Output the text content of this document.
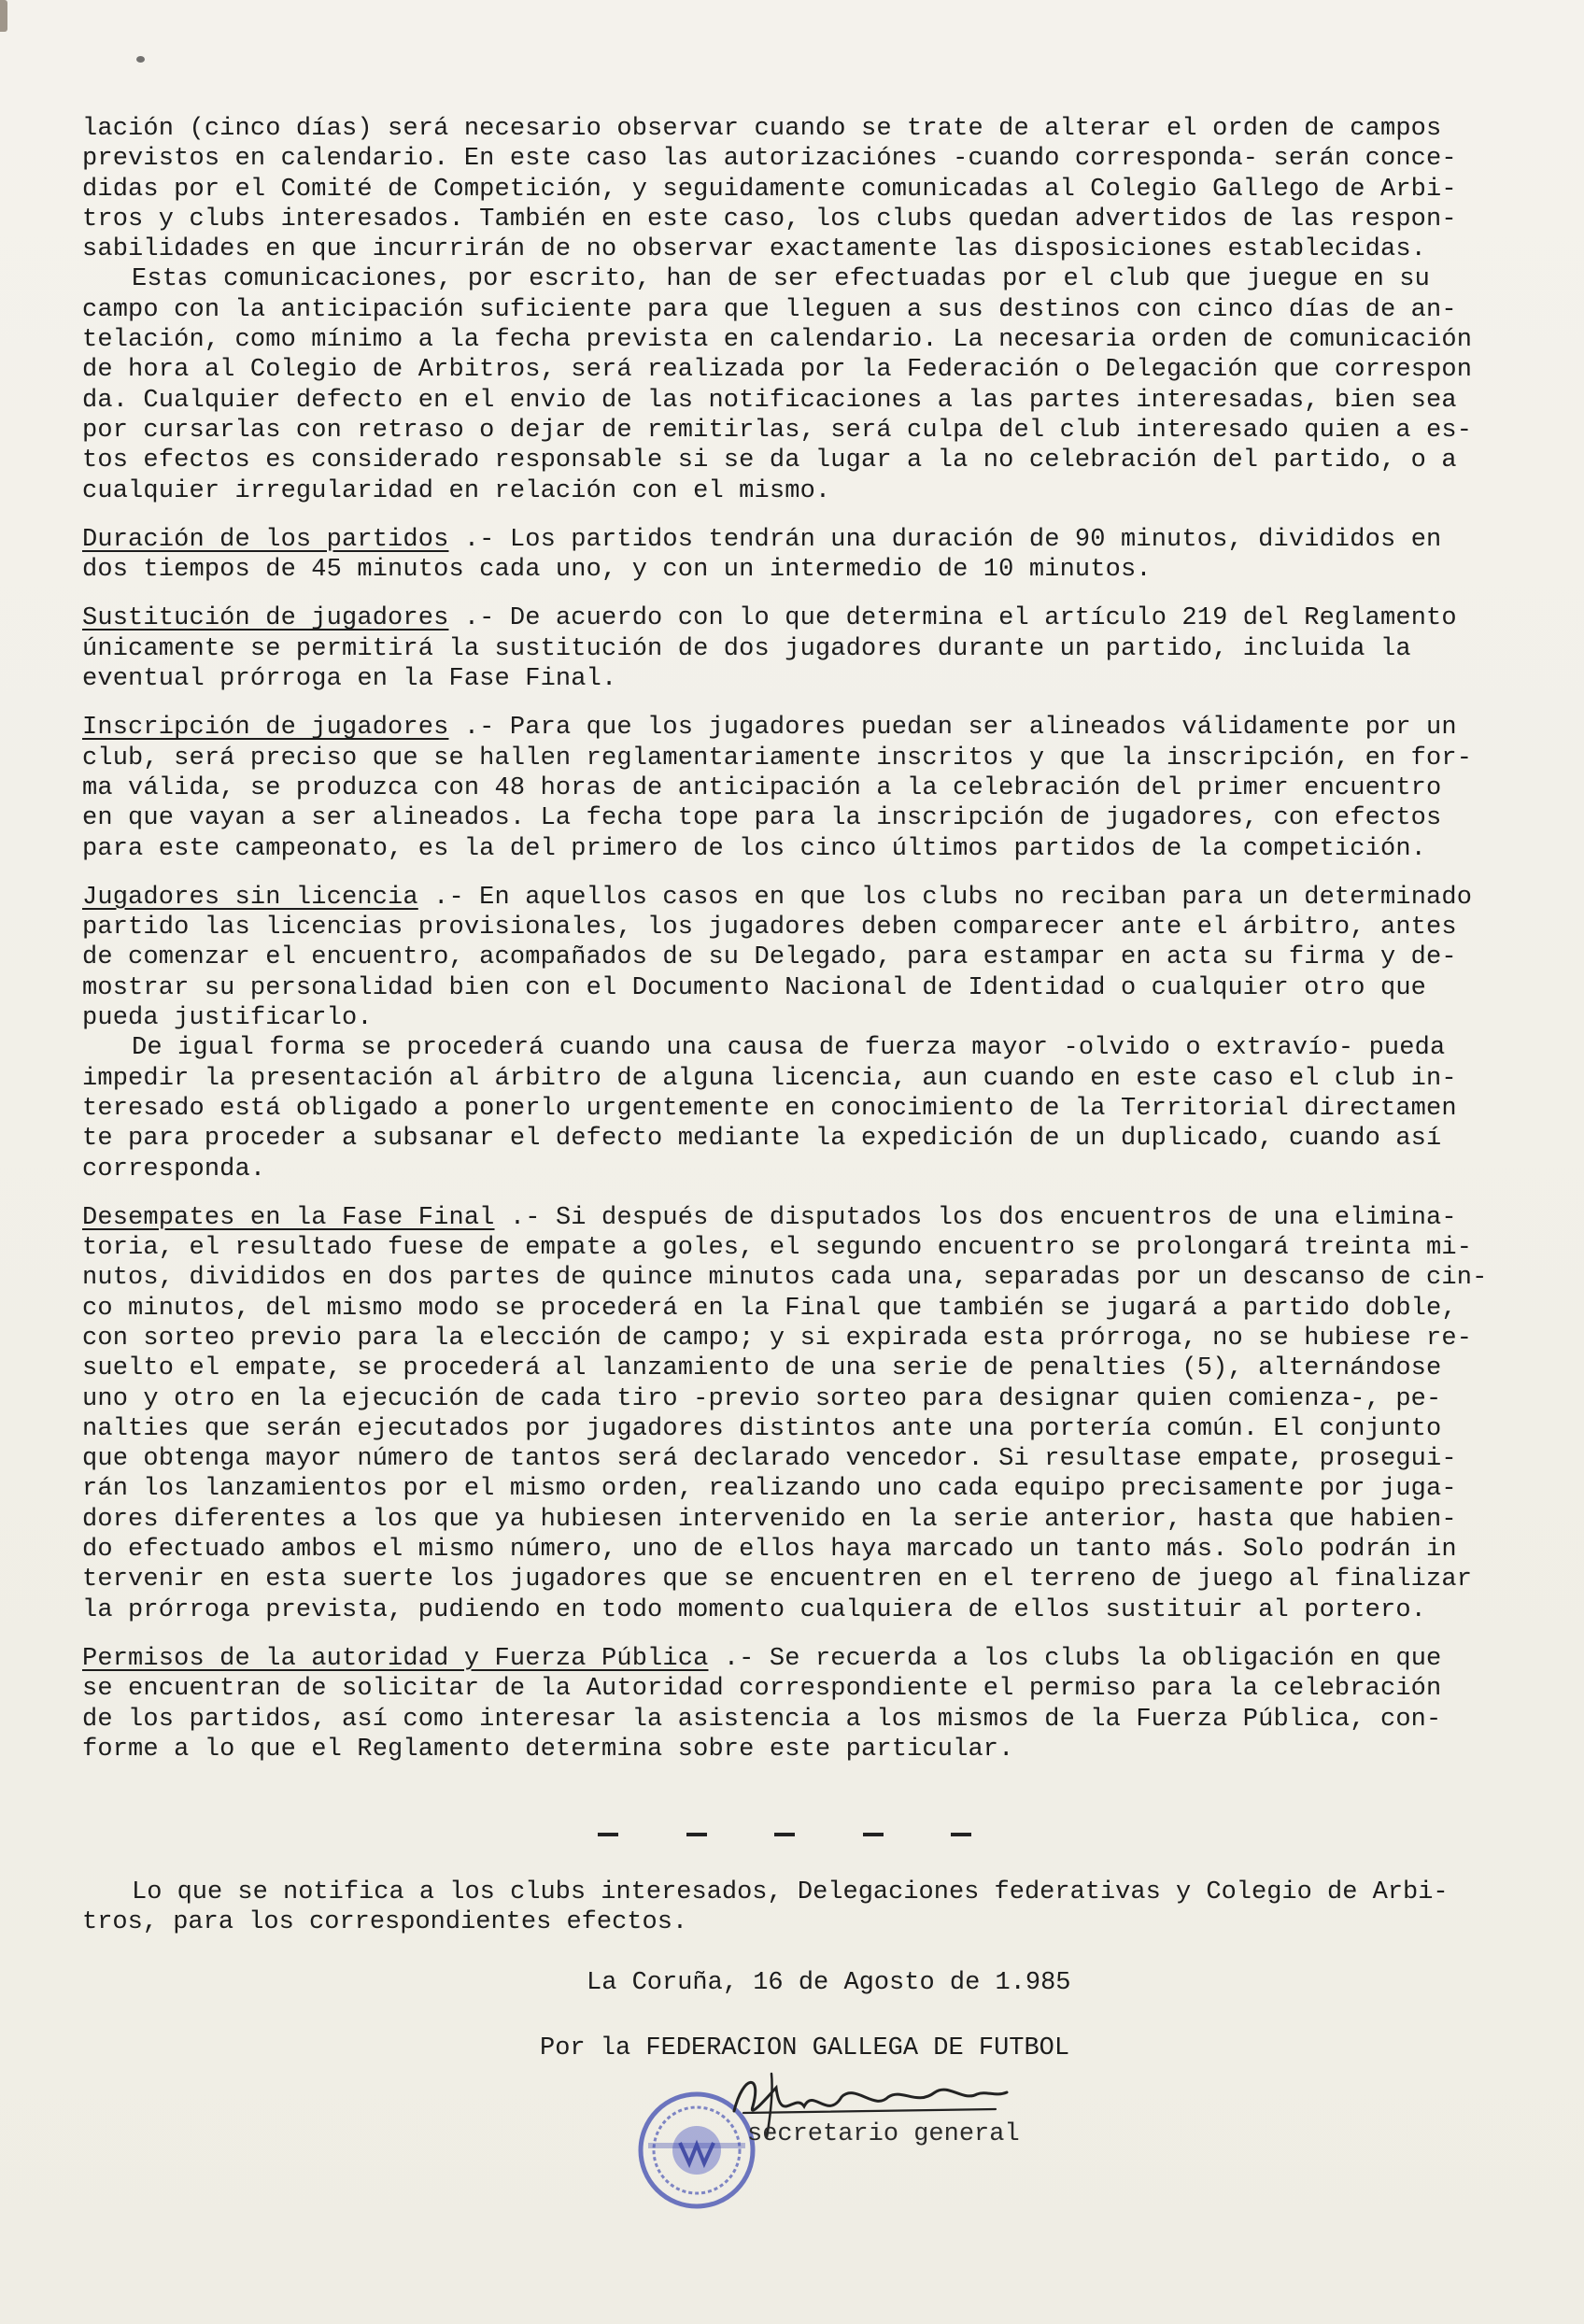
lación (cinco días) será necesario observar cuando se trate de alterar el orden de campos
previstos en calendario. En este caso las autorizaciónes -cuando corresponda- serán conce-
didas por el Comité de Competición, y seguidamente comunicadas al Colegio Gallego de Arbi-
tros y clubs interesados. También en este caso, los clubs quedan advertidos de las respon-
sabilidades en que incurrirán de no observar exactamente las disposiciones establecidas.
Estas comunicaciones, por escrito, han de ser efectuadas por el club que juegue en su
campo con la anticipación suficiente para que lleguen a sus destinos con cinco días de an-
telación, como mínimo a la fecha prevista en calendario. La necesaria orden de comunicación
de hora al Colegio de Arbitros, será realizada por la Federación o Delegación que correspon
da. Cualquier defecto en el envio de las notificaciones a las partes interesadas, bien sea
por cursarlas con retraso o dejar de remitirlas, será culpa del club interesado quien a es-
tos efectos es considerado responsable si se da lugar a la no celebración del partido, o a
cualquier irregularidad en relación con el mismo.
Duración de los partidos .- Los partidos tendrán una duración de 90 minutos, divididos en
dos tiempos de 45 minutos cada uno, y con un intermedio de 10 minutos.
Sustitución de jugadores .- De acuerdo con lo que determina el artículo 219 del Reglamento
únicamente se permitirá la sustitución de dos jugadores durante un partido, incluida la
eventual prórroga en la Fase Final.
Inscripción de jugadores .- Para que los jugadores puedan ser alineados válidamente por un
club, será preciso que se hallen reglamentariamente inscritos y que la inscripción, en for-
ma válida, se produzca con 48 horas de anticipación a la celebración del primer encuentro
en que vayan a ser alineados. La fecha tope para la inscripción de jugadores, con efectos
para este campeonato, es la del primero de los cinco últimos partidos de la competición.
Jugadores sin licencia .- En aquellos casos en que los clubs no reciban para un determinado
partido las licencias provisionales, los jugadores deben comparecer ante el árbitro, antes
de comenzar el encuentro, acompañados de su Delegado, para estampar en acta su firma y de-
mostrar su personalidad bien con el Documento Nacional de Identidad o cualquier otro que
pueda justificarlo.
De igual forma se procederá cuando una causa de fuerza mayor -olvido o extravío- pueda
impedir la presentación al árbitro de alguna licencia, aun cuando en este caso el club in-
teresado está obligado a ponerlo urgentemente en conocimiento de la Territorial directamen
te para proceder a subsanar el defecto mediante la expedición de un duplicado, cuando así
corresponda.
Desempates en la Fase Final .- Si después de disputados los dos encuentros de una elimina-
toria, el resultado fuese de empate a goles, el segundo encuentro se prolongará treinta mi-
nutos, divididos en dos partes de quince minutos cada una, separadas por un descanso de cin-
co minutos, del mismo modo se procederá en la Final que también se jugará a partido doble,
con sorteo previo para la elección de campo; y si expirada esta prórroga, no se hubiese re-
suelto el empate, se procederá al lanzamiento de una serie de penalties (5), alternándose
uno y otro en la ejecución de cada tiro -previo sorteo para designar quien comienza-, pe-
nalties que serán ejecutados por jugadores distintos ante una portería común. El conjunto
que obtenga mayor número de tantos será declarado vencedor. Si resultase empate, prosegui-
rán los lanzamientos por el mismo orden, realizando uno cada equipo precisamente por juga-
dores diferentes a los que ya hubiesen intervenido en la serie anterior, hasta que habien-
do efectuado ambos el mismo número, uno de ellos haya marcado un tanto más. Solo podrán in
tervenir en esta suerte los jugadores que se encuentren en el terreno de juego al finalizar
la prórroga prevista, pudiendo en todo momento cualquiera de ellos sustituir al portero.
Permisos de la autoridad y Fuerza Pública .- Se recuerda a los clubs la obligación en que
se encuentran de solicitar de la Autoridad correspondiente el permiso para la celebración
de los partidos, así como interesar la asistencia a los mismos de la Fuerza Pública, con-
forme a lo que el Reglamento determina sobre este particular.
Lo que se notifica a los clubs interesados, Delegaciones federativas y Colegio de Arbi-
tros, para los correspondientes efectos.
La Coruña, 16 de Agosto de 1.985
Por la FEDERACION GALLEGA DE FUTBOL
secretario general
